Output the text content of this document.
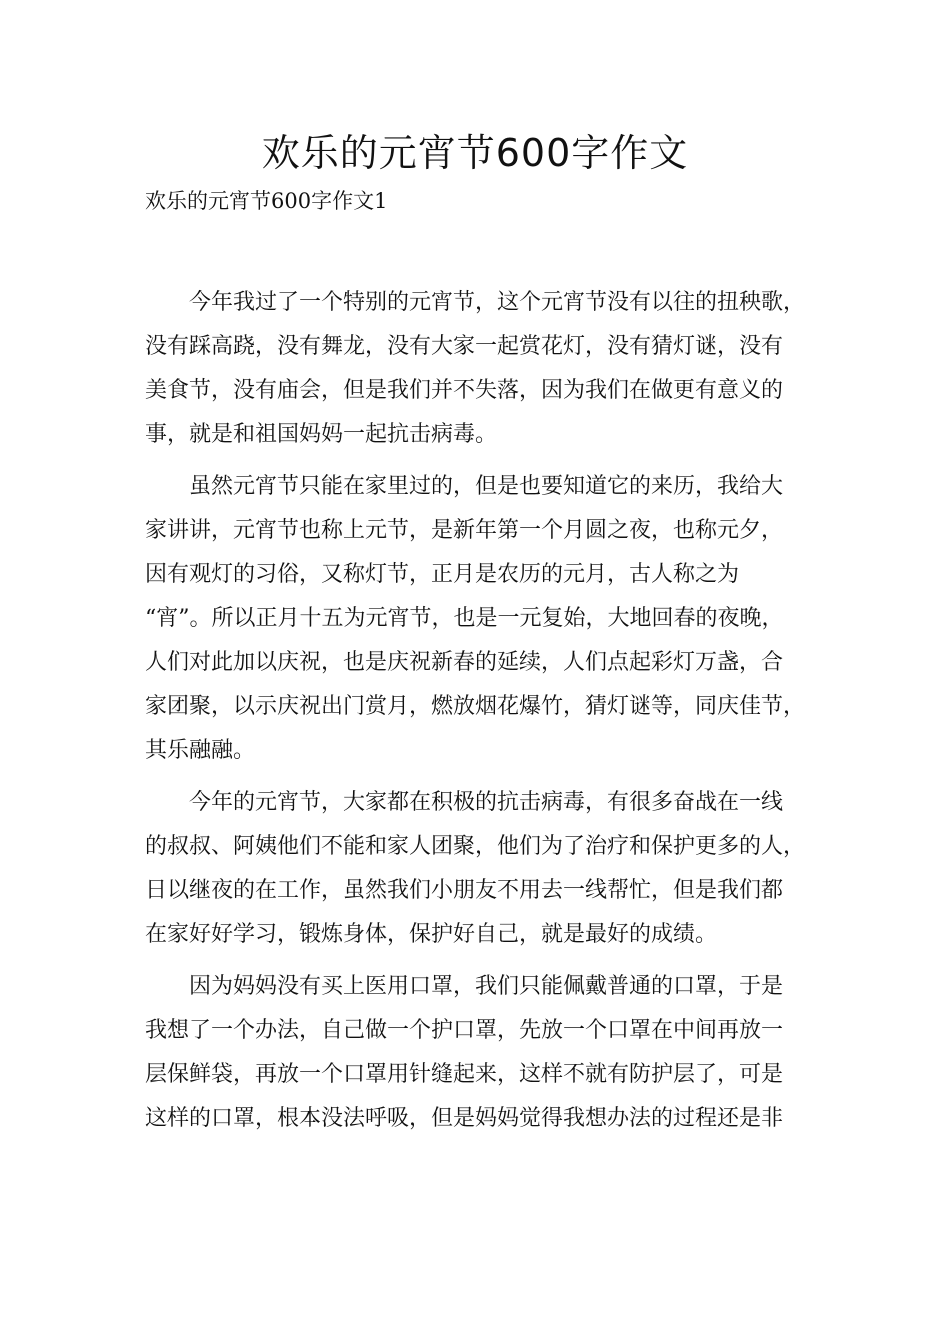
欢乐的元宵节600字作文
欢乐的元宵节600字作文1
　　今年我过了一个特别的元宵节，这个元宵节没有以往的扭秧歌，
没有踩高跷，没有舞龙，没有大家一起赏花灯，没有猜灯谜，没有
美食节，没有庙会，但是我们并不失落，因为我们在做更有意义的
事，就是和祖国妈妈一起抗击病毒。
　　虽然元宵节只能在家里过的，但是也要知道它的来历，我给大
家讲讲，元宵节也称上元节，是新年第一个月圆之夜，也称元夕，
因有观灯的习俗，又称灯节，正月是农历的元月，古人称之为
“宵”。所以正月十五为元宵节，也是一元复始，大地回春的夜晚，
人们对此加以庆祝，也是庆祝新春的延续，人们点起彩灯万盏，合
家团聚，以示庆祝出门赏月，燃放烟花爆竹，猜灯谜等，同庆佳节，
其乐融融。
　　今年的元宵节，大家都在积极的抗击病毒，有很多奋战在一线
的叔叔、阿姨他们不能和家人团聚，他们为了治疗和保护更多的人，
日以继夜的在工作，虽然我们小朋友不用去一线帮忙，但是我们都
在家好好学习，锻炼身体，保护好自己，就是最好的成绩。
　　因为妈妈没有买上医用口罩，我们只能佩戴普通的口罩，于是
我想了一个办法，自己做一个护口罩，先放一个口罩在中间再放一
层保鲜袋，再放一个口罩用针缝起来，这样不就有防护层了，可是
这样的口罩，根本没法呼吸，但是妈妈觉得我想办法的过程还是非
